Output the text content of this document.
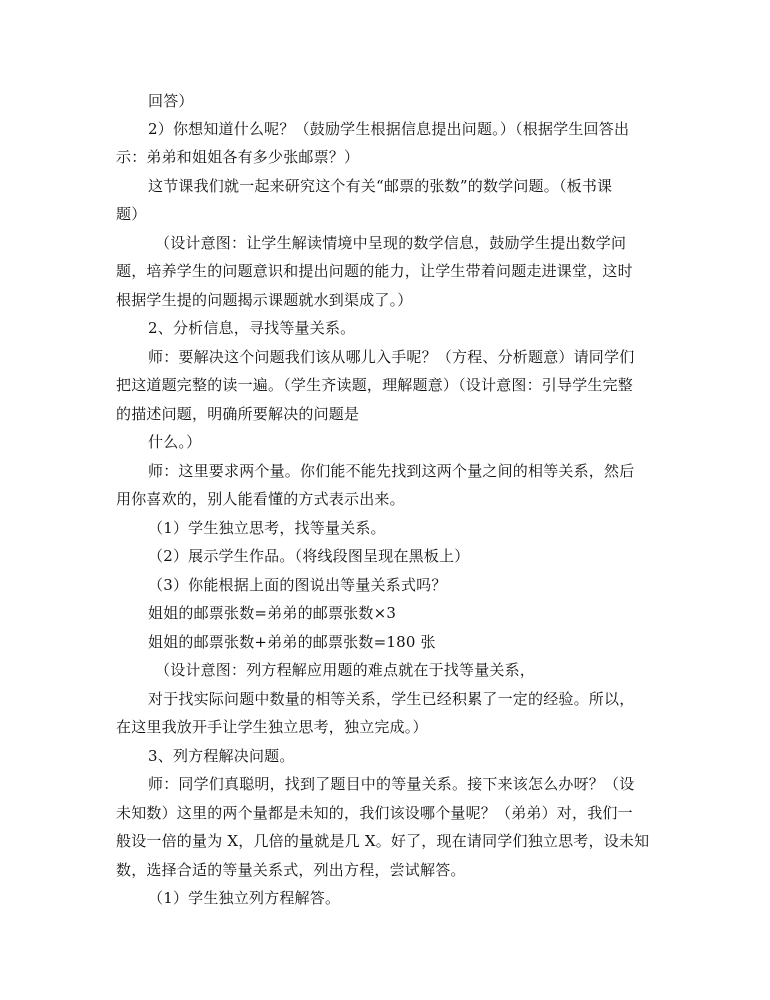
回答）
2）你想知道什么呢？（鼓励学生根据信息提出问题。）（根据学生回答出
示：弟弟和姐姐各有多少张邮票？）
这节课我们就一起来研究这个有关“邮票的张数”的数学问题。（板书课
题）
（设计意图：让学生解读情境中呈现的数学信息，鼓励学生提出数学问
题，培养学生的问题意识和提出问题的能力，让学生带着问题走进课堂，这时
根据学生提的问题揭示课题就水到渠成了。）
2、分析信息，寻找等量关系。
师：要解决这个问题我们该从哪儿入手呢？（方程、分析题意）请同学们
把这道题完整的读一遍。（学生齐读题，理解题意）（设计意图：引导学生完整
的描述问题，明确所要解决的问题是
什么。）
师：这里要求两个量。你们能不能先找到这两个量之间的相等关系，然后
用你喜欢的，别人能看懂的方式表示出来。
（1）学生独立思考，找等量关系。
（2）展示学生作品。（将线段图呈现在黑板上）
（3）你能根据上面的图说出等量关系式吗？
姐姐的邮票张数=弟弟的邮票张数×3
姐姐的邮票张数+弟弟的邮票张数=180 张
（设计意图：列方程解应用题的难点就在于找等量关系，
对于找实际问题中数量的相等关系，学生已经积累了一定的经验。所以，
在这里我放开手让学生独立思考，独立完成。）
3、列方程解决问题。
师：同学们真聪明，找到了题目中的等量关系。接下来该怎么办呀？（设
未知数）这里的两个量都是未知的，我们该设哪个量呢？（弟弟）对，我们一
般设一倍的量为 X，几倍的量就是几 X。好了，现在请同学们独立思考，设未知
数，选择合适的等量关系式，列出方程，尝试解答。
（1）学生独立列方程解答。
